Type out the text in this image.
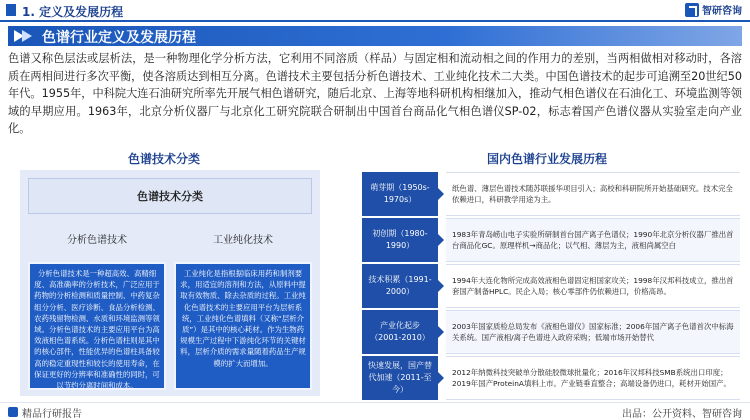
1. 定义及发展历程	智研咨询
色谱行业定义及发展历程

色谱又称色层法或层析法，是一种物理化学分析方法，它利用不同溶质（样品）与固定相和流动相之间的作用力的差别，当两相做相对移动时，各溶质在两相间进行多次平衡，使各溶质达到相互分离。色谱技术主要包括分析色谱技术、工业纯化技术二大类。中国色谱技术的起步可追溯至20世纪50年代。1955年，中科院大连石油研究所率先开展气相色谱研究，随后北京、上海等地科研机构相继加入，推动气相色谱仪在石油化工、环境监测等领域的早期应用。1963年，北京分析仪器厂与北京化工研究院联合研制出中国首台商品化气相色谱仪SP-02，标志着国产色谱仪器从实验室走向产业化。

色谱技术分类	国内色谱行业发展历程
色谱技术分类
分析色谱技术	工业纯化技术
分析色谱技术是一种超高效、高精细度、高准确率的分析技术，广泛应用于药物的分析检测和质量控制、中药复杂组分分析、医疗诊断、食品分析检测、农药残留物检测、水质和环境监测等领域。分析色谱技术的主要应用平台为高效液相色谱系统。分析色谱柱则是其中的核心部件，性能优异的色谱柱具备较高的稳定重现性和较长的使用寿命，在保证更好的分辨率和准确性的同时，可以节约分离时间和成本。
工业纯化是指根据临床用药和制剂要求，用适宜的溶剂和方法，从原料中提取有效物质、除去杂质的过程。工业纯化色谱技术的主要应用平台为层析系统，工业纯化色谱填料（又称“层析介质”）是其中的核心耗材。作为生物药规模生产过程中下游纯化环节的关键材料，层析介质的需求量随着药品生产规模的扩大而增加。
萌芽期（1950s-1970s）
纸色谱、薄层色谱技术随苏联援华项目引入；高校和科研院所开始基础研究。技术完全依赖进口，科研教学用途为主。
初创期（1980-1990）
1983年青岛崂山电子实验所研制首台国产离子色谱仪；1990年北京分析仪器厂推出首台商品化GC。原理样机→商品化；以气相、薄层为主，液相尚属空白
技术积累（1991-2000）
1994年大连化物所完成高效液相色谱固定相国家攻关；1998年汉邦科技成立，推出首套国产制备HPLC。民企入局；核心零部件仍依赖进口，价格高昂。
产业化起步（2001-2010）
2003年国家质检总局发布《液相色谱仪》国家标准；2006年国产离子色谱首次中标海关系统。国产液相/离子色谱进入政府采购；低端市场开始替代
快速发展，国产替代加速（2011-至今）
2012年纳微科技突破单分散硅胶微球批量化；2016年汉邦科技SMB系统出口印度；2019年国产ProteinA填料上市。产业链垂直整合；高端设备仍进口，耗材开始国产。
精品行研报告	出品：公开资料、智研咨询
